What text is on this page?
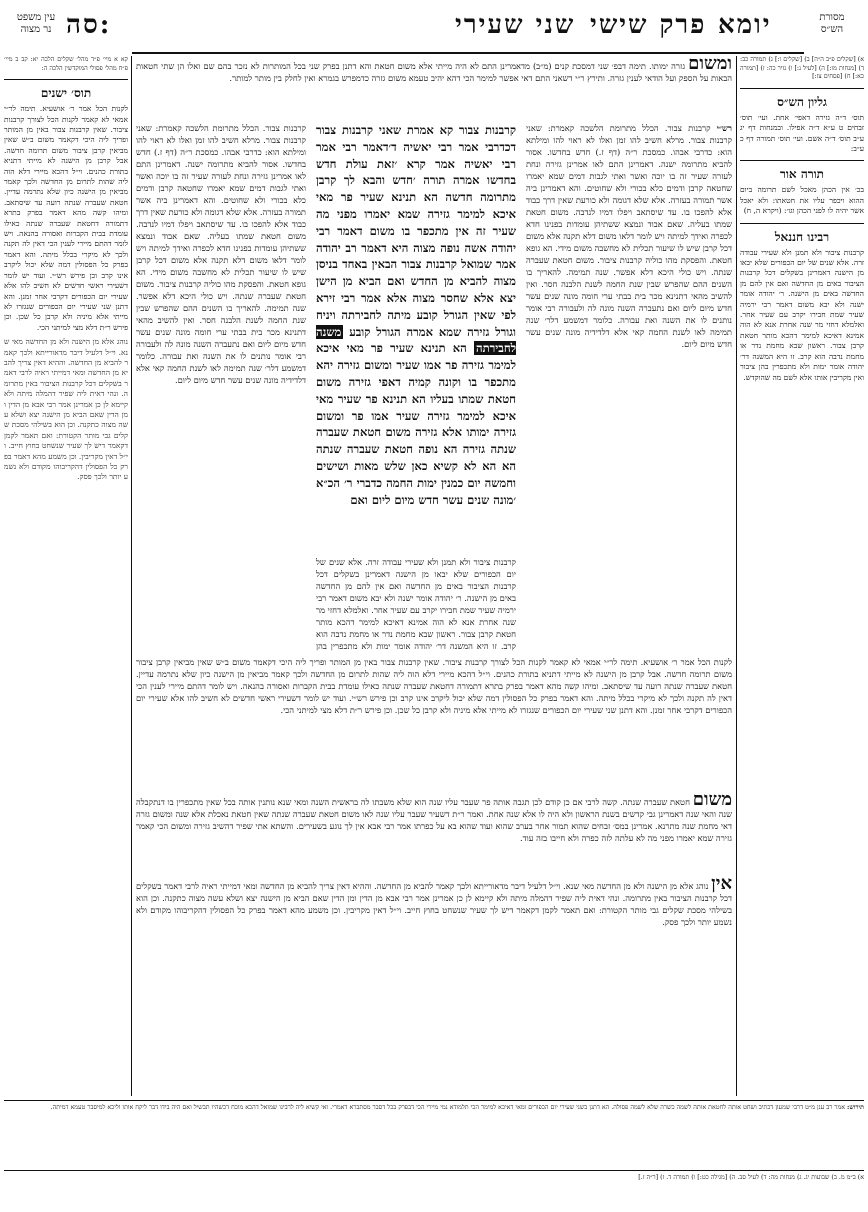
עין משפט
נר מצוה סה:	שני שעירי פרק שישי יומא	מסורת
הש״ס
קא א מיי׳ פ״ד מהל׳ שקלים הלכה יא: קב ב מיי׳ פ״ח מהל׳ פסולי המוקדשין הלכה ה:
תוס׳ ישנים
לקנות הכל אמר ר׳ אושעיא. תימה לר״י אמאי לא קאמר לקנות הכל לצורך קרבנות ציבור. שאין קרבנות צבור באין מן המותר ופריך ליה היכי דקאמר משום ב״ש שאין מביאין קרבן ציבור משום תרומה חדשה. אבל קרבן מן הישנה לא מייתי דתניא בתורת כהנים. וי״ל דהכא מיירי דלא הוה ליה שהות לתרום מן החדשה ולכך קאמר מביאין מן הישנה כיון שלא נתרמה עדיין. חטאת שעברה שנתה רועה עד שיסתאב. ומיהו קשה מהא דאמר בפרק בתרא דתמורה דחטאת שעברה שנתה כאילו עומדת בבית הקברות ואסורה בהנאה. ויש לומר דהתם מיירי לענין הכי דאין לה תקנה ולכך לא מיקרי בכלל מיתה. והא דאמר בפרק כל הפסולין דמה שלא יכול ליקרב אינו קרב וכן פירש רש״י. ועוד יש לומר דשעירי ראשי חדשים לא חשיב להו אלא שעירי יום הכפורים דקרבי אחר זמנן. והא דתנן שני שעירי יום הכפורים שנגזרו לא מייתי אלא מיניה ולא קרבן כל שכן. וכן פירש ר״ת דלא מצי למיתני הכי.
נוהג אלא מן הישנה ולא מן החדשה מאי שנא. וי״ל דלעיל דיבר מדאורייתא ולכך קאמר להביא מן החדשה. וההיא דאין צריך להביא מן החדשה ומאי דמייתי ראיה לרבי דאמר בשקלים דכל קרבנות הציבור באין מתרומה. ונהי דאית ליה שפיר דהמלה מיתה ולא קיימא לן כן אמרינן אמר רבי אבא מן הדין ומן הדין שאם הביא מן הישנה יצא ושלא עשה מצוה כתקנה. וכן הוא בשילהי מסכת שקלים גבי מותר הקטורת: ואם תאמר לקמן דקאמר דיש לך שעיר שנשחט בחוץ חייב. וי״ל דאין מקריבין. וכן משמע מהא דאמר בפרק כל הפסולין דהקריבוהו מקודם ולא נשמע יותר ולכך פסק.
א) [שקלים פ״ב ה״ה] ב) [שקלים ו:] ג) תמורה כב: ד) [מנחות מו:] ה) [לעיל נ:] ו) נזיר כה: ז) [תמורה כא:] ח) [פסחים צז:]
גליון הש״ס
תוס׳ ד״ה גזירה דאפי׳ אחת. ועי׳ תוס׳ זבחים ט ע״א ד״ה אפילו. ובמנחות דף יג ע״ב תוס׳ ד״ה אשם. ועי׳ תוס׳ תמורה דף כ ע״ב:
תורה אור
בכ׳ אין הכהן מאכל לשם תרומה ביום ההוא ויכפר עליו את חטאתו: ולא יאכל אשר יהיה לו לפני הכהן וגו׳: (ויקרא ה, ח)
רבינו חננאל
קרבנות ציבור ולא תמנן ולא שעירי עבודה זרה. אלא שנים של יום הכפורים שלא יבאו מן הישנה דאמרינן בשקלים דכל קרבנות הציבור באים מן החדשה ואם אין להם מן החדשה באים מן הישנה. ר׳ יהודה אומר ישנה ולא יבא משום דאמר רבי ירמיה שעיר שמת חבירו יקרב עם שעיר אחר. ואלמלא דחזי מר שנה אחרת אנא לא הוה אמינא דאיכא למימר דהכא מותר חטאת קרבן צבור. ראשון שבא מחמת נדר או מחמת נדבה הוא קרב. זו היא המשנה דר׳ יהודה אומר ימות ולא מתכפרין בהן ציבור ואין מקריבין אותו אלא לשם מה שהוקדש.
ומשום גזרה ימותו. תימה דבפ׳ שני דמסכת קנים (מ״ב) מדאמרינן התם לא היה מייתי אלא משום חטאת והא דתנן בפרק שני בכל המותרות לא נזכר בהם שם ואלו הן שתי חטאות הבאות על הספק ועל הודאי לענין גזרה. ותירץ ר״י דשאני התם דאי אפשר למימר הכי דהא יהיב טעמא משום גזרה כדמפרש בגמרא ואין לחלק בין מותר למותר.
קרבנות צבור. הכלל מתרומת הלשכה קאמרת: שאני קרבנות צבור. מרלא חשיב להו זמן ואלו לא ראוי להו ומילתא הוא: כדרבי אבהו. כמסכת ר״ה (דף ז.) חדש בחדשו. אסור להביא מתרומה ישנה. דאמרינן התם לאו אמרינן גזירה ונחת לעזרה שעיר זה בו יוכה ואשר ואתי לגבות דמים שמא יאמרו שחטאה קרבן ודמים כלא בכורי ולא שחוטים. והא דאמרינן ביה אשר תמורה בעזרה. אלא שלא דגומה ולא כורעת שאין דרך כבוד אלא להפכו בו. עד שיסתאב ויפלו דמיו לנדבה. משום חטאת שמתו בעליה. שאם אבוד ונמצא ששתיהן עומדות בפנינו חדא לכפרה ואידך למיתה ויש לומר דלאו משום דלא תקנה אלא משום דכל קרבן שיש לו שיעור תכלית לא מחשבה משום מידי. הא גופא חטאת. והפסקת מהו כוליה קרבנות ציבור. משום חטאת שעברה שנתה. ויש כולי היכא דלא אפשר. שנה תמימה. להאריך בו השנים ההם שהפרש שבין שנת החמה לשנת הלבנה חסר. ואין להשיב מהאי דתנינא מכר בית בבתי ערי חומה מונה שנים עשר חדש מיום ליום ואם נתעברה השנה מונה לה ולעבורה רבי אומר נותנים לו את השנה ואת עבורה. כלומר דמשמע דלר׳ שנה תמימה לאו לשנת החמה קאי אלא דלדידיה מונה שנים עשר חדש מיום ליום.
קרבנות צבור קא אמרת שאני קרבנות צבור דכדרבי אמר רבי יאשיה ד׳דאמר רבי אמר רבי יאשיה אמר קרא ׳זאת עולת חדש בחדשו אמרה תורה ׳חדש והבא לך קרבן מתרומה חדשה הא תנינא שעיר פר מאי איכא למימר גזירה שמא יאמרו מפני מה שעיר זה אין מתכפר בו משום דאמר רבי יהודה אשה נופה מצוה היא דאמר רב יהודה אמר שמואל קרבנות צבור הבאין באחד בניסן מצוה להביא מן החדש ואם הביא מן הישן יצא אלא שחסר מצוה אלא אמר רבי זירא לפי שאין הגורל קובע מיתה לחבירתה ויניח וגורל גזירה שמא אמרה הגורל קובע משנה לחבירתה הא תנינא שעיר פר מאי איכא למימר גזירה פר אמו שעיר ומשום גזירה יהא מתכפר בו וקונה קמיה דאפי גזירה משום חטאת שמתו בעליו הא תנינא פר שעיר מאי איכא למימר גזירה שעיר אמו פר ומשום גזירה ימותו אלא גזירה משום חטאת שעברה שנתה גזירה הא נופה חטאת שעברה שנתה הא הא לא קשיא כאן שלש מאות ושישים וחמשה יום כמנין ימות החמה כדברי ר׳ הכ״א ׳מונה שנים עשר חדש מיום ליום ואם
רש״י קרבנות צבור. הכלל מתרומת הלשכה קאמרת: שאני קרבנות צבור. מרלא חשיב להו זמן ואלו לא ראוי להו ומילתא הוא: כדרבי אבהו. כמסכת ר״ה (דף ז.) חדש בחדשו. אסור להביא מתרומה ישנה. דאמרינן התם לאו אמרינן גזירה ונחת לעזרה שעיר זה בו יוכה ואשר ואתי לגבות דמים שמא יאמרו שחטאה קרבן ודמים כלא בכורי ולא שחוטים. והא דאמרינן ביה אשר תמורה בעזרה. אלא שלא דגומה ולא כורעת שאין דרך כבוד אלא להפכו בו. עד שיסתאב ויפלו דמיו לנדבה. משום חטאת שמתו בעליה. שאם אבוד ונמצא ששתיהן עומדות בפנינו חדא לכפרה ואידך למיתה ויש לומר דלאו משום דלא תקנה אלא משום דכל קרבן שיש לו שיעור תכלית לא מחשבה משום מידי. הא גופא חטאת. והפסקת מהו כוליה קרבנות ציבור. משום חטאת שעברה שנתה. ויש כולי היכא דלא אפשר. שנה תמימה. להאריך בו השנים ההם שהפרש שבין שנת החמה לשנת הלבנה חסר. ואין להשיב מהאי דתנינא מכר בית בבתי ערי חומה מונה שנים עשר חדש מיום ליום ואם נתעברה השנה מונה לה ולעבורה רבי אומר נותנים לו את השנה ואת עבורה. כלומר דמשמע דלר׳ שנה תמימה לאו לשנת החמה קאי אלא דלדידיה מונה שנים עשר חדש מיום ליום.
קרבנות ציבור ולא תמנן ולא שעירי עבודה זרה. אלא שנים של יום הכפורים שלא יבאו מן הישנה דאמרינן בשקלים דכל קרבנות הציבור באים מן החדשה ואם אין להם מן החדשה באים מן הישנה. ר׳ יהודה אומר ישנה ולא יבא משום דאמר רבי ירמיה שעיר שמת חבירו יקרב עם שעיר אחר. ואלמלא דחזי מר שנה אחרת אנא לא הוה אמינא דאיכא למימר דהכא מותר חטאת קרבן צבור. ראשון שבא מחמת נדר או מחמת נדבה הוא קרב. זו היא המשנה דר׳ יהודה אומר ימות ולא מתכפרין בהן
לקנות הכל אמר ר׳ אושעיא. תימה לר״י אמאי לא קאמר לקנות הכל לצורך קרבנות ציבור. שאין קרבנות צבור באין מן המותר ופריך ליה היכי דקאמר משום ב״ש שאין מביאין קרבן ציבור משום תרומה חדשה. אבל קרבן מן הישנה לא מייתי דתניא בתורת כהנים. וי״ל דהכא מיירי דלא הוה ליה שהות לתרום מן החדשה ולכך קאמר מביאין מן הישנה כיון שלא נתרמה עדיין. חטאת שעברה שנתה רועה עד שיסתאב. ומיהו קשה מהא דאמר בפרק בתרא דתמורה דחטאת שעברה שנתה כאילו עומדת בבית הקברות ואסורה בהנאה. ויש לומר דהתם מיירי לענין הכי דאין לה תקנה ולכך לא מיקרי בכלל מיתה. והא דאמר בפרק כל הפסולין דמה שלא יכול ליקרב אינו קרב וכן פירש רש״י. ועוד יש לומר דשעירי ראשי חדשים לא חשיב להו אלא שעירי יום הכפורים דקרבי אחר זמנן. והא דתנן שני שעירי יום הכפורים שנגזרו לא מייתי אלא מיניה ולא קרבן כל שכן. וכן פירש ר״ת דלא מצי למיתני הכי.
משום חטאת שעברה שנתה. קשה לרבי אם כן קודם לכן תגבה אותה פר שעבר עליו שנה הוא שלא משבתו לה בראשית השנה ומאי שנא נותנין אותה בכל שאין מתכפרין בו דנתקבלה שנה והאי שנה דאמרינן גבי קדשים בשנת הראשון ולא היה לו אלא שנה אחת. ואמר ר״ת דשעיר שעבר עליו שנה לאו משום חטאת שעברה שנתה שאין חטאת נאכלת אלא שנה ומשום גזרה דאי מחמת שנה מתרנא. אמרינן במס׳ זבחים שהוא תמור אחר בערב שהוא ועוד שהוא בא על כפרתו אמר רבי אבא אין לך נוגע בשעירים. והשתא אתי שפיר דהשיב גזירה ומשום הכי קאמר גזירה שמא יאמרו מפני מה לא עלתה לזה כפרה ולא חייבו בזה עוד.
אין נוהג אלא מן הישנה ולא מן החדשה מאי שנא. וי״ל דלעיל דיבר מדאורייתא ולכך קאמר להביא מן החדשה. וההיא דאין צריך להביא מן החדשה ומאי דמייתי ראיה לרבי דאמר בשקלים דכל קרבנות הציבור באין מתרומה. ונהי דאית ליה שפיר דהמלה מיתה ולא קיימא לן כן אמרינן אמר רבי אבא מן הדין ומן הדין שאם הביא מן הישנה יצא ושלא עשה מצוה כתקנה. וכן הוא בשילהי מסכת שקלים גבי מותר הקטורת: ואם תאמר לקמן דקאמר דיש לך שעיר שנשחט בחוץ חייב. וי״ל דאין מקריבין. וכן משמע מהא דאמר בפרק כל הפסולין דהקריבוהו מקודם ולא נשמע יותר ולכך פסק.
תירוש: אמר רב ענן מ״ט דרבי שמעון דכתיב ושחט אותה לחטאת אותה לשמה כשרה שלא לשמה פסולה. הא דתנן בשני שעירי יום הכפורים ומאי דאיכא למימר הכי תלמודא נמי מיירי הכי דבפרק בכל דסבר מסתברא דאמרי. ואי קשיא ליה לרבינו שמואל דהכא מוכח דכשהיו תבשיל ואם היה בידו דבר ליקח אותו וליכא למיסבר טעמא דמיתה.
א) ב״מ מ. ב) שבועות יג. ג) מנחות מה: ד) לעיל סב. ה) [מגילה כט:] ו) תמורה ד. ז) [ר״ה ז.]
